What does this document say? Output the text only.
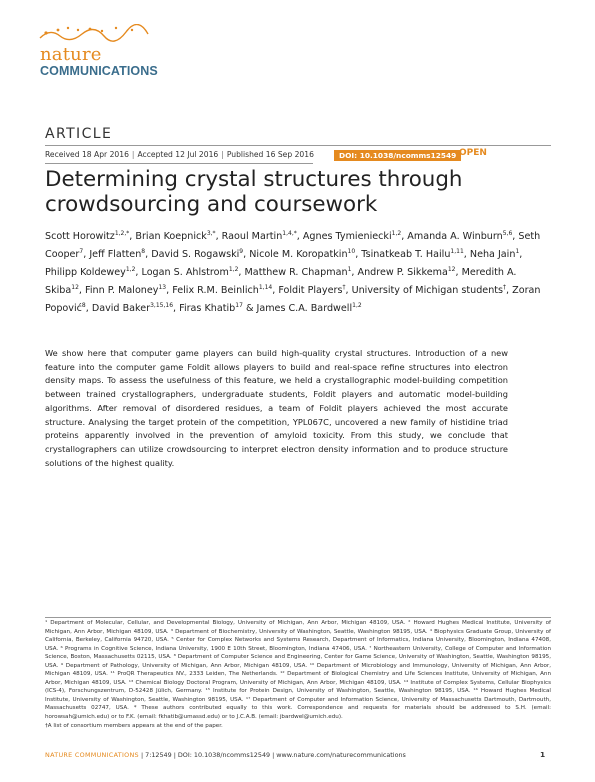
nature
COMMUNICATIONS
ARTICLE
Received 18 Apr 2016 | Accepted 12 Jul 2016 | Published 16 Sep 2016	DOI: 10.1038/ncomms12549 OPEN
Determining crystal structures through crowdsourcing and coursework
Scott Horowitz$^{1,2,*}$, Brian Koepnick$^{3,*}$, Raoul Martin$^{1,4,*}$, Agnes Tymieniecki$^{1,2}$, Amanda A. Winburn$^{5,6}$, Seth Cooper$^7$, Jeff Flatten$^8$, David S. Rogawski$^9$, Nicole M. Koropatkin$^{10}$, Tsinatkeab T. Hailu$^{1,11}$, Neha Jain$^1$, Philipp Koldewey$^{1,2}$, Logan S. Ahlstrom$^{1,2}$, Matthew R. Chapman$^1$, Andrew P. Sikkema$^{12}$, Meredith A. Skiba$^{12}$, Finn P. Maloney$^{13}$, Felix R.M. Beinlich$^{1,14}$, Foldit Players†, University of Michigan students†, Zoran Popović$^8$, David Baker$^{3,15,16}$, Firas Khatib$^{17}$ & James C.A. Bardwell$^{1,2}$
We show here that computer game players can build high-quality crystal structures. Introduction of a new feature into the computer game Foldit allows players to build and real-space refine structures into electron density maps. To assess the usefulness of this feature, we held a crystallographic model-building competition between trained crystallographers, undergraduate students, Foldit players and automatic model-building algorithms. After removal of disordered residues, a team of Foldit players achieved the most accurate structure. Analysing the target protein of the competition, YPL067C, uncovered a new family of histidine triad proteins apparently involved in the prevention of amyloid toxicity. From this study, we conclude that crystallographers can utilize crowdsourcing to interpret electron density information and to produce structure solutions of the highest quality.

¹ Department of Molecular, Cellular, and Developmental Biology, University of Michigan, Ann Arbor, Michigan 48109, USA. ² Howard Hughes Medical Institute, University of Michigan, Ann Arbor, Michigan 48109, USA. ³ Department of Biochemistry, University of Washington, Seattle, Washington 98195, USA. ⁴ Biophysics Graduate Group, University of California, Berkeley, California 94720, USA. ⁵ Center for Complex Networks and Systems Research, Department of Informatics, Indiana University, Bloomington, Indiana 47408, USA. ⁶ Programs in Cognitive Science, Indiana University, 1900 E 10th Street, Bloomington, Indiana 47406, USA. ⁷ Northeastern University, College of Computer and Information Science, Boston, Massachusetts 02115, USA. ⁸ Department of Computer Science and Engineering, Center for Game Science, University of Washington, Seattle, Washington 98195, USA. ⁹ Department of Pathology, University of Michigan, Ann Arbor, Michigan 48109, USA. ¹⁰ Department of Microbiology and Immunology, University of Michigan, Ann Arbor, Michigan 48109, USA. ¹¹ ProQR Therapeutics NV., 2333 Leiden, The Netherlands. ¹² Department of Biological Chemistry and Life Sciences Institute, University of Michigan, Ann Arbor, Michigan 48109, USA. ¹³ Chemical Biology Doctoral Program, University of Michigan, Ann Arbor, Michigan 48109, USA. ¹⁴ Institute of Complex Systems, Cellular Biophysics (ICS-4), Forschungszentrum, D-52428 Jülich, Germany. ¹⁵ Institute for Protein Design, University of Washington, Seattle, Washington 98195, USA. ¹⁶ Howard Hughes Medical Institute, University of Washington, Seattle, Washington 98195, USA. ¹⁷ Department of Computer and Information Science, University of Massachusetts Dartmouth, Dartmouth, Massachusetts 02747, USA. * These authors contributed equally to this work. Correspondence and requests for materials should be addressed to S.H. (email: horowsah@umich.edu) or to F.K. (email: fkhatib@umassd.edu) or to J.C.A.B. (email: jbardwel@umich.edu).

†A list of consortium members appears at the end of the paper.

NATURE COMMUNICATIONS | 7:12549 | DOI: 10.1038/ncomms12549 | www.nature.com/naturecommunications	1
